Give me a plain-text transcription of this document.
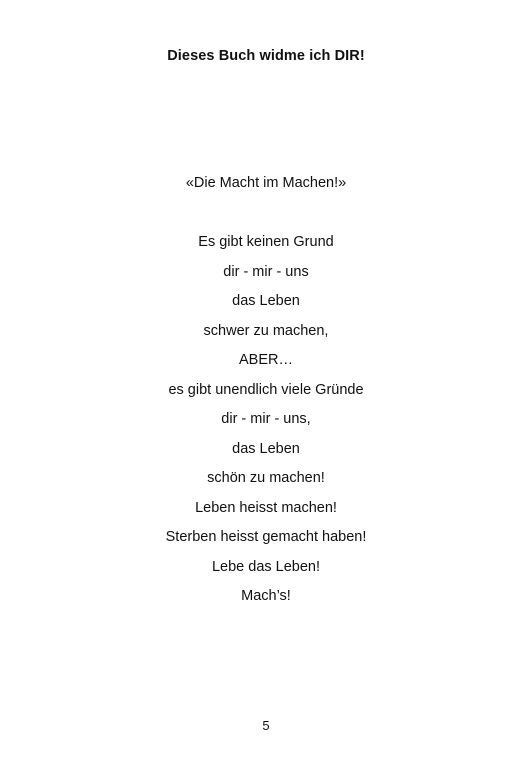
Dieses Buch widme ich DIR!
«Die Macht im Machen!»
Es gibt keinen Grund
dir - mir - uns
das Leben
schwer zu machen,
ABER…
es gibt unendlich viele Gründe
dir - mir - uns,
das Leben
schön zu machen!
Leben heisst machen!
Sterben heisst gemacht haben!
Lebe das Leben!
Mach’s!
5
